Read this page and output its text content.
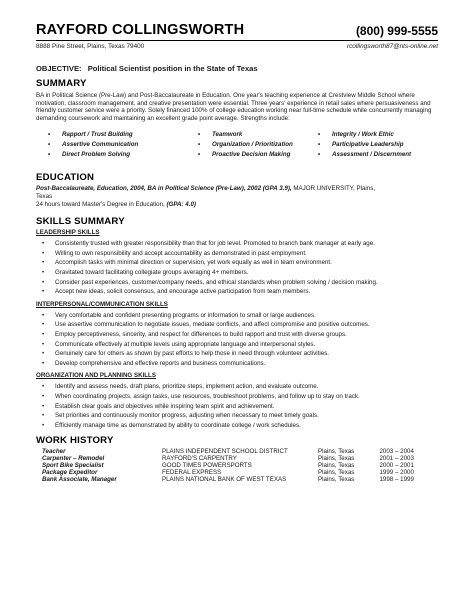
RAYFORD COLLINGSWORTH	(800) 999-5555
8888 Pine Street, Plains, Texas 79400	rcollingsworth87@nts-online.net
OBJECTIVE: Political Scientist position in the State of Texas
SUMMARY
BA in Political Science (Pre-Law) and Post-Baccalaureate in Education. One year's teaching experience at Crestview Middle School where motivation, classroom management, and creative presentation were essential. Three years' experience in retail sales where persuasiveness and friendly customer service were a priority. Solely financed 100% of college education working near full-time schedule while concurrently managing demanding coursework and maintaining an excellent grade point average. Strengths include:
•	Rapport / Trust Building	•	Teamwork	•	Integrity / Work Ethic
•	Assertive Communication	•	Organization / Prioritization	•	Participative Leadership
•	Direct Problem Solving	•	Proactive Decision Making	•	Assessment / Discernment
EDUCATION
Post-Baccalaureate, Education, 2004, BA in Political Science (Pre-Law), 2002 (GPA 3.9), MAJOR UNIVERSITY, Plains,
Texas
24 hours toward Master's Degree in Education, (GPA: 4.0)
SKILLS SUMMARY
LEADERSHIP SKILLS
•	Consistently trusted with greater responsibility than that for job level. Promoted to branch bank manager at early age.
•	Willing to own responsibility and accept accountability as demonstrated in past employment.
•	Accomplish tasks with minimal direction or supervision, yet work equally as well in team environment.
•	Gravitated toward facilitating collegiate groups averaging 4+ members.
•	Consider past experiences, customer/company needs, and ethical standards when problem solving / decision making.
•	Accept new ideas, solicit consensus, and encourage active participation from team members.
INTERPERSONAL/COMMUNICATION SKILLS
•	Very comfortable and confident presenting programs or information to small or large audiences.
•	Use assertive communication to negotiate issues, mediate conflicts, and affect compromise and positive outcomes.
•	Employ perceptiveness, sincerity, and respect for differences to build rapport and trust with diverse groups.
•	Communicate effectively at multiple levels using appropriate language and interpersonal styles.
•	Genuinely care for others as shown by past efforts to help those in need through volunteer activities.
•	Develop comprehensive and effective reports and business communications.
ORGANIZATION AND PLANNING SKILLS
•	Identify and assess needs, draft plans, prioritize steps, implement action, and evaluate outcome.
•	When coordinating projects, assign tasks, use resources, troubleshoot problems, and follow up to stay on track.
•	Establish clear goals and objectives while inspiring team spirit and achievement.
•	Set priorities and continuously monitor progress, adjusting when necessary to meet timely goals.
•	Efficiently manage time as demonstrated by ability to coordinate college / work schedules.
WORK HISTORY
Teacher	PLAINS INDEPENDENT SCHOOL DISTRICT	Plains, Texas	2003 – 2004
Carpenter – Remodel	RAYFORD'S CARPENTRY	Plains, Texas	2001 – 2003
Sport Bike Specialist	GOOD TIMES POWERSPORTS	Plains, Texas	2000 – 2001
Package Expeditor	FEDERAL EXPRESS	Plains, Texas	1999 – 2000
Bank Associate, Manager	PLAINS NATIONAL BANK OF WEST TEXAS	Plains, Texas	1998 – 1999
